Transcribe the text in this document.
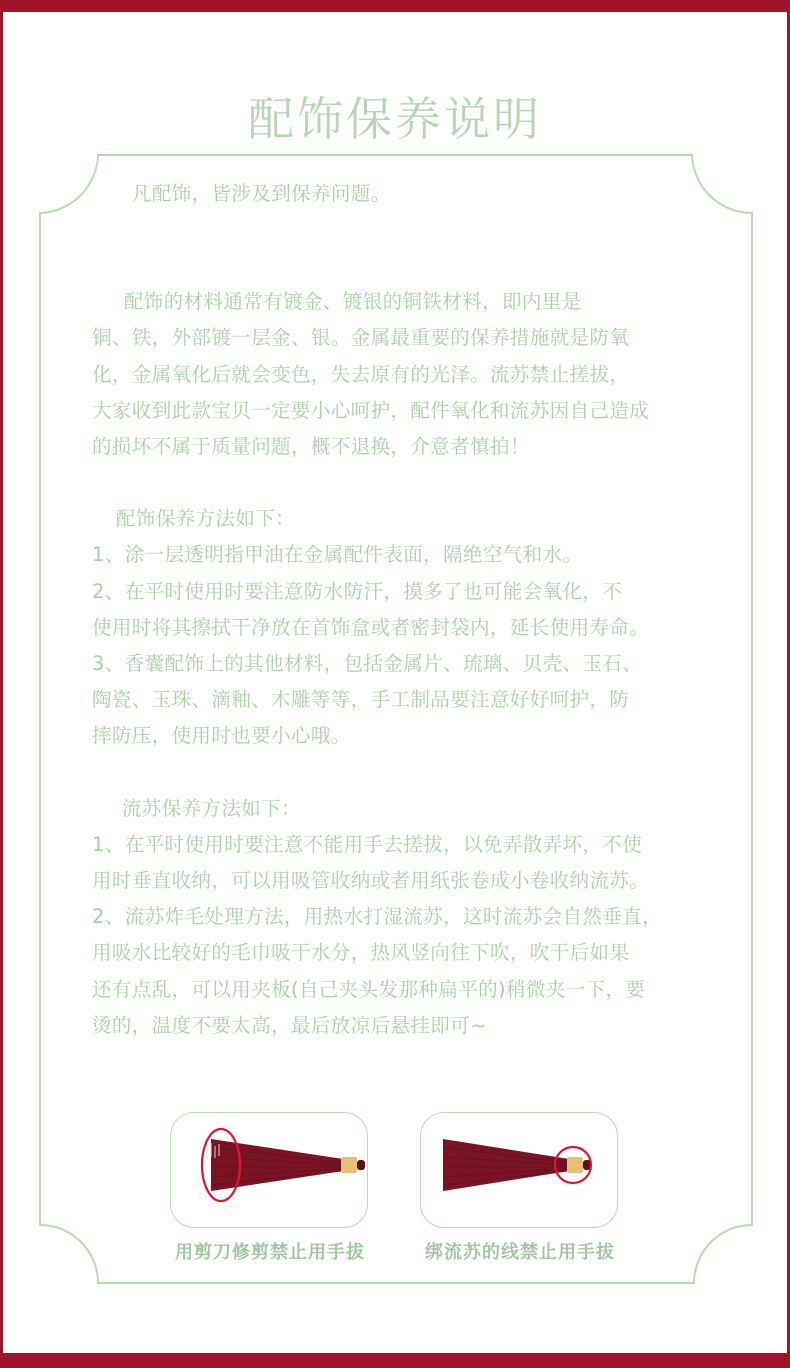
配饰保养说明

　凡配饰，皆涉及到保养问题。

　配饰的材料通常有镀金、镀银的铜铁材料，即内里是

铜、铁，外部镀一层金、银。金属最重要的保养措施就是防氧

化，金属氧化后就会变色，失去原有的光泽。流苏禁止搓拔，

大家收到此款宝贝一定要小心呵护，配件氧化和流苏因自己造成

的损坏不属于质量问题，概不退换，介意者慎拍！

　配饰保养方法如下：

1、涂一层透明指甲油在金属配件表面，隔绝空气和水。

2、在平时使用时要注意防水防汗，摸多了也可能会氧化，不

使用时将其擦拭干净放在首饰盒或者密封袋内，延长使用寿命。

3、香囊配饰上的其他材料，包括金属片、琉璃、贝壳、玉石、

陶瓷、玉珠、滴釉、木雕等等，手工制品要注意好好呵护，防

摔防压，使用时也要小心哦。

　流苏保养方法如下：

1、在平时使用时要注意不能用手去搓拔，以免弄散弄坏，不使

用时垂直收纳，可以用吸管收纳或者用纸张卷成小卷收纳流苏。

2、流苏炸毛处理方法，用热水打湿流苏，这时流苏会自然垂直，

用吸水比较好的毛巾吸干水分，热风竖向往下吹，吹干后如果

还有点乱，可以用夹板(自己夹头发那种扁平的)稍微夹一下，要

烫的，温度不要太高，最后放凉后悬挂即可~

用剪刀修剪禁止用手拔	绑流苏的线禁止用手拔
